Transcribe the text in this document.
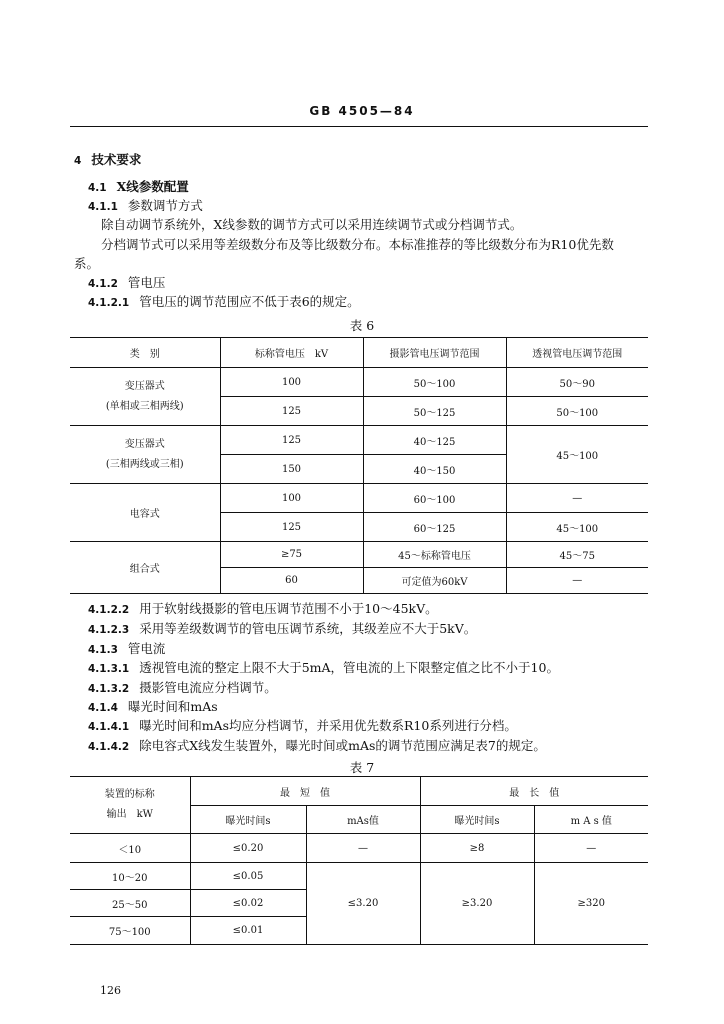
GB 4505—84
4 技术要求
4.1 X线参数配置
4.1.1 参数调节方式
除自动调节系统外，X线参数的调节方式可以采用连续调节式或分档调节式。
分档调节式可以采用等差级数分布及等比级数分布。本标准推荐的等比级数分布为R10优先数
系。
4.1.2 管电压
4.1.2.1 管电压的调节范围应不低于表6的规定。
表 6
类　别	标称管电压　kV	摄影管电压调节范围	透视管电压调节范围

变压器式
(单相或三相两线)	100	50～100	50～90
	125	50～125	50～100

变压器式
(三相两线或三相)	125	40～125	45～100
	150	40～150	

电容式	100	60～100	—
	125	60～125	45～100

组合式	≥75	45～标称管电压	45～75
	60	可定值为60kV	—
4.1.2.2 用于软射线摄影的管电压调节范围不小于10～45kV。
4.1.2.3 采用等差级数调节的管电压调节系统，其级差应不大于5kV。
4.1.3 管电流
4.1.3.1 透视管电流的整定上限不大于5mA，管电流的上下限整定值之比不小于10。
4.1.3.2 摄影管电流应分档调节。
4.1.4 曝光时间和mAs
4.1.4.1 曝光时间和mAs均应分档调节，并采用优先数系R10系列进行分档。
4.1.4.2 除电容式X线发生装置外，曝光时间或mAs的调节范围应满足表7的规定。
表 7
装置的标称
输出　kW	最　短　值		最　长　值	
	曝光时间s	mAs值	曝光时间s	m A s 值
＜10	≤0.20	—	≥8	—
10～20	≤0.05	≤3.20	≥3.20	≥320
25～50	≤0.02			
75～100	≤0.01			
126
